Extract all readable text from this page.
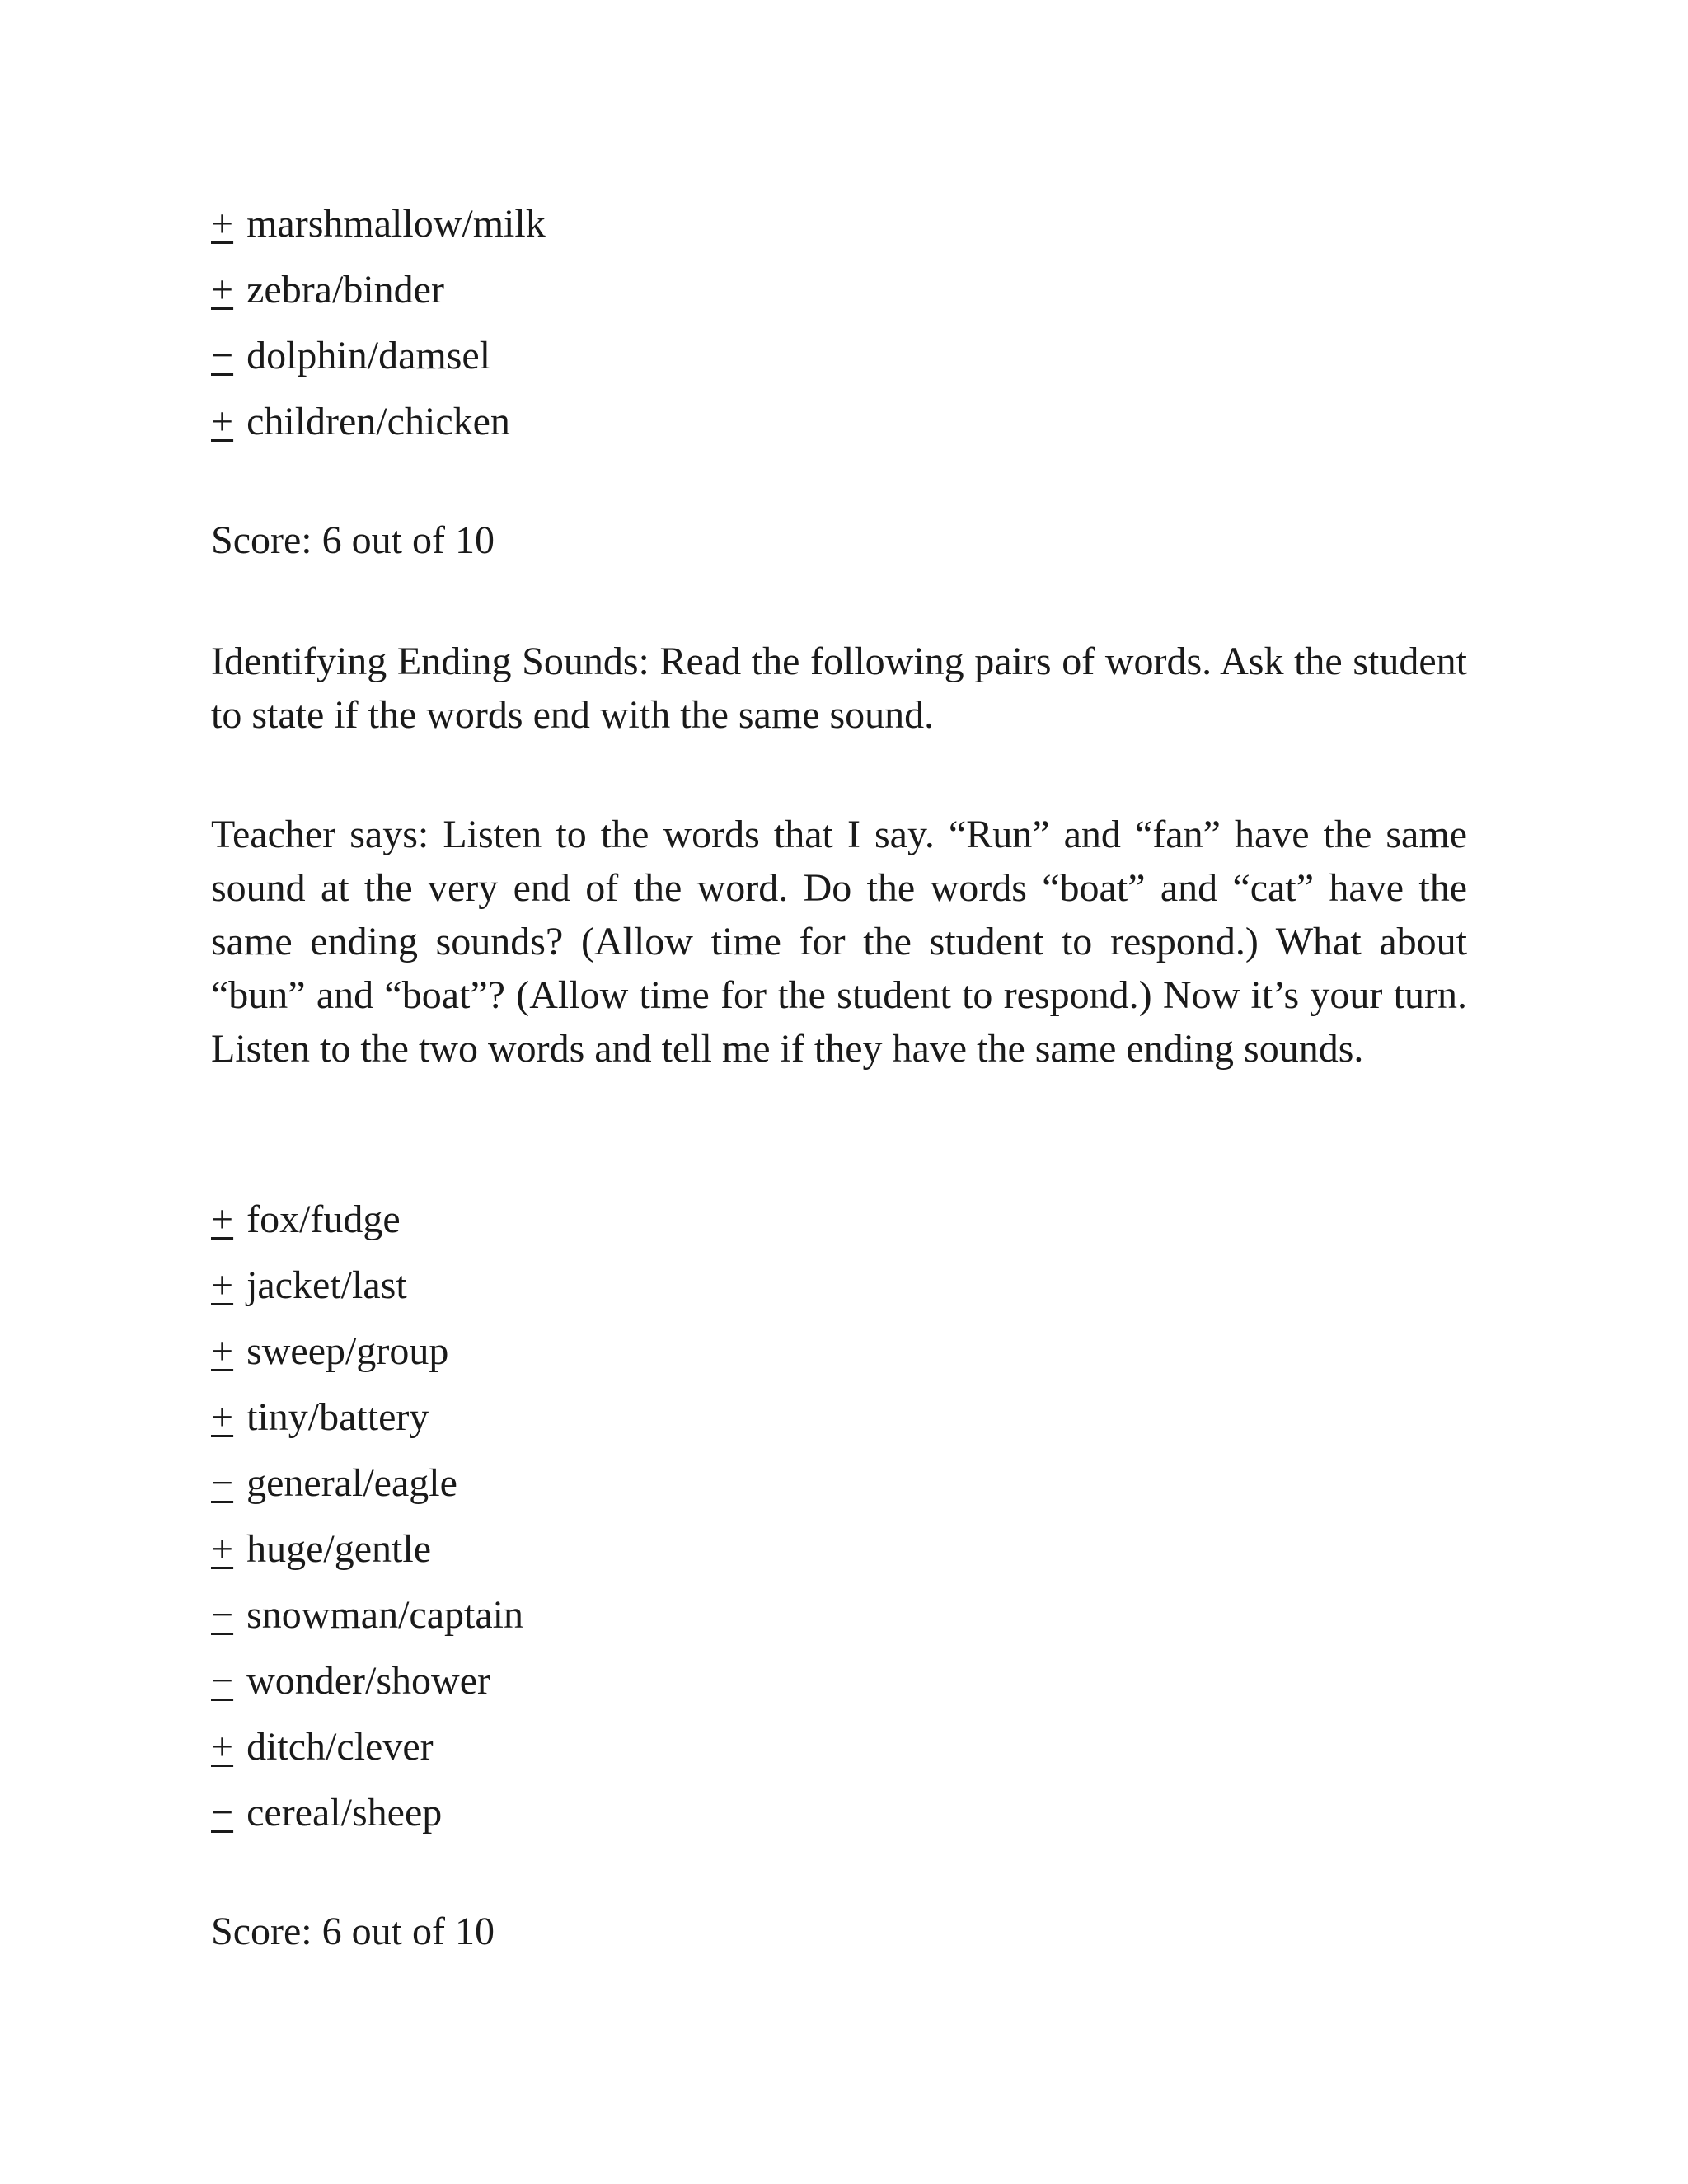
+ marshmallow/milk
+ zebra/binder
− dolphin/damsel
+ children/chicken

Score: 6 out of 10

Identifying Ending Sounds: Read the following pairs of words. Ask the student to state if the words end with the same sound.

Teacher says: Listen to the words that I say. “Run” and “fan” have the same sound at the very end of the word. Do the words “boat” and “cat” have the same ending sounds? (Allow time for the student to respond.) What about “bun” and “boat”? (Allow time for the student to respond.) Now it’s your turn. Listen to the two words and tell me if they have the same ending sounds.

+ fox/fudge
+ jacket/last
+ sweep/group
+ tiny/battery
− general/eagle
+ huge/gentle
− snowman/captain
− wonder/shower
+ ditch/clever
− cereal/sheep

Score: 6 out of 10
